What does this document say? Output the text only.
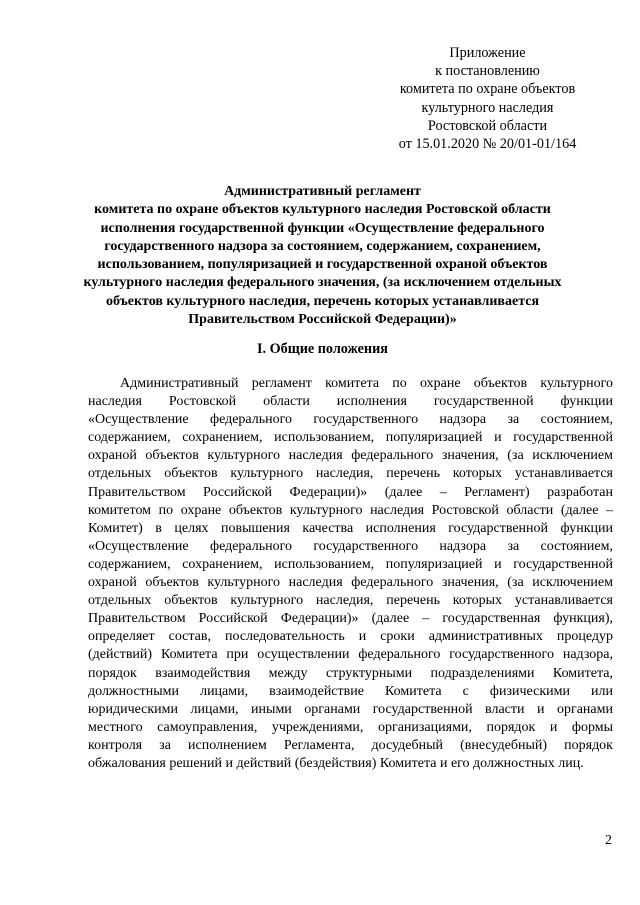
Приложение
к постановлению
комитета по охране объектов
культурного наследия
Ростовской области
от 15.01.2020 № 20/01-01/164
Административный регламент
комитета по охране объектов культурного наследия Ростовской области
исполнения государственной функции «Осуществление федерального
государственного надзора за состоянием, содержанием, сохранением,
использованием, популяризацией и государственной охраной объектов
культурного наследия федерального значения, (за исключением отдельных
объектов культурного наследия, перечень которых устанавливается
Правительством Российской Федерации)»
I. Общие положения
Административный регламент комитета по охране объектов культурного
наследия Ростовской области исполнения государственной функции
«Осуществление федерального государственного надзора за состоянием,
содержанием, сохранением, использованием, популяризацией и государственной
охраной объектов культурного наследия федерального значения, (за исключением
отдельных объектов культурного наследия, перечень которых устанавливается
Правительством Российской Федерации)» (далее – Регламент) разработан
комитетом по охране объектов культурного наследия Ростовской области (далее –
Комитет) в целях повышения качества исполнения государственной функции
«Осуществление федерального государственного надзора за состоянием,
содержанием, сохранением, использованием, популяризацией и государственной
охраной объектов культурного наследия федерального значения, (за исключением
отдельных объектов культурного наследия, перечень которых устанавливается
Правительством Российской Федерации)» (далее – государственная функция),
определяет состав, последовательность и сроки административных процедур
(действий) Комитета при осуществлении федерального государственного надзора,
порядок взаимодействия между структурными подразделениями Комитета,
должностными лицами, взаимодействие Комитета с физическими или
юридическими лицами, иными органами государственной власти и органами
местного самоуправления, учреждениями, организациями, порядок и формы
контроля за исполнением Регламента, досудебный (внесудебный) порядок
обжалования решений и действий (бездействия) Комитета и его должностных лиц.
2
